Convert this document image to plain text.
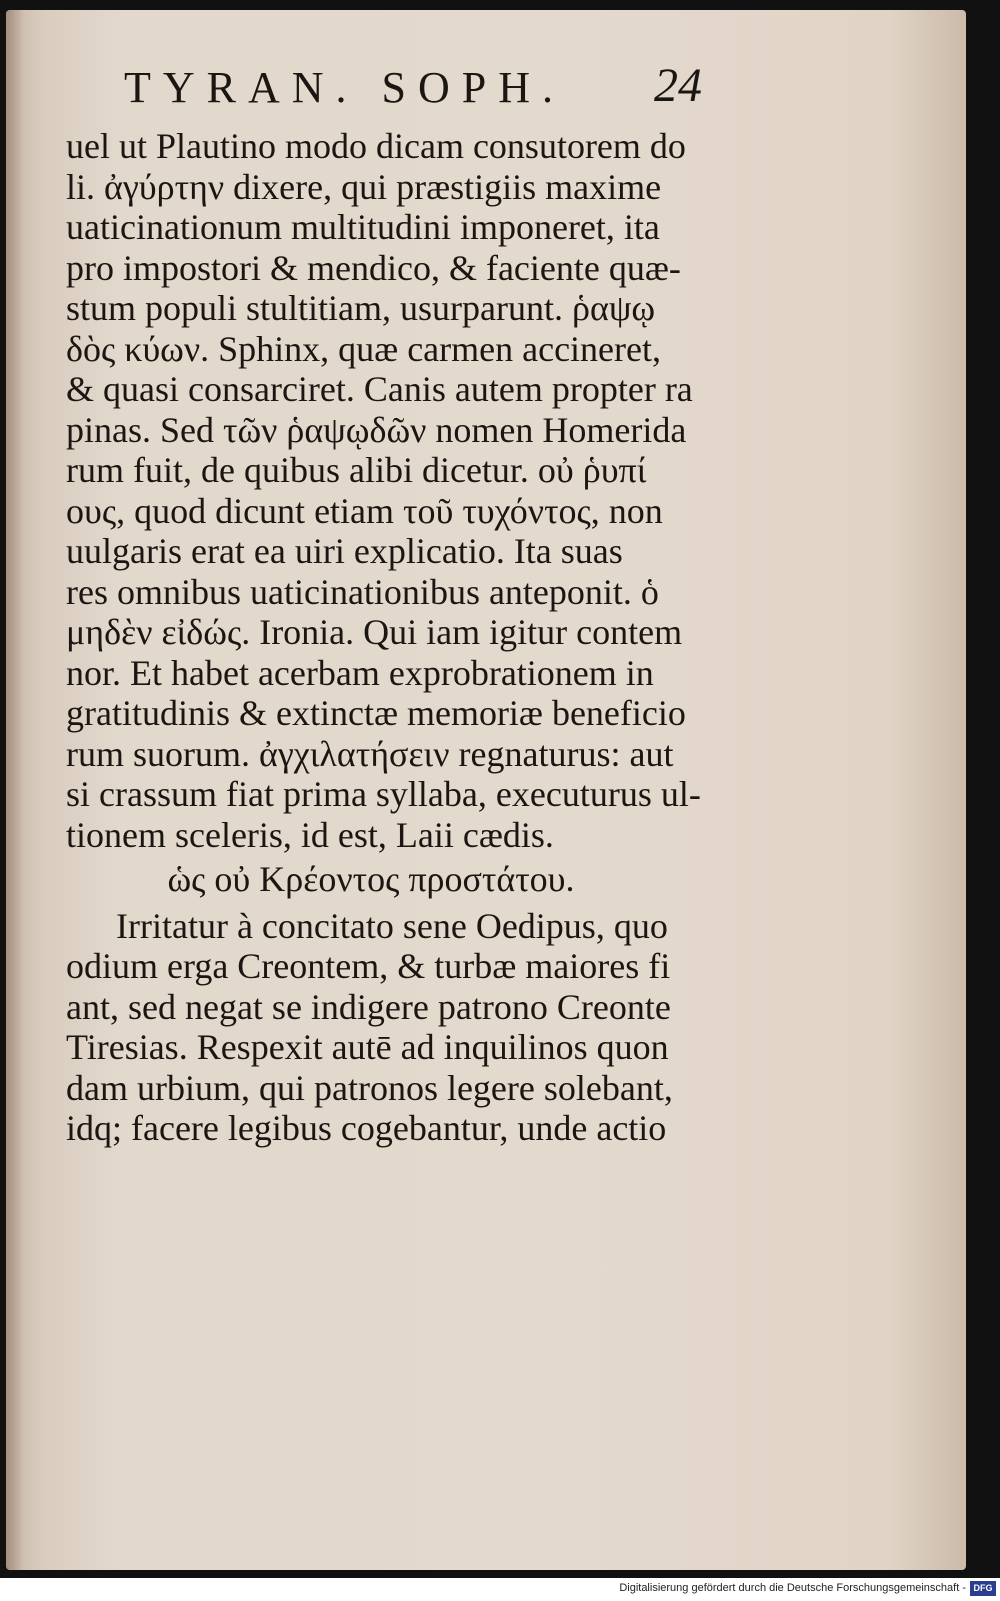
TYRAN. SOPH. 24
uel ut Plautino modo dicam consutorem do
li. ἀγύρτην dixere, qui præstigiis maxime
uaticinationum multitudini imponeret, ita
pro impostori & mendico, & faciente quæ-
stum populi stultitiam, usurparunt. ῥαψῳ
δὸς κύων. Sphinx, quæ carmen accineret,
& quasi consarciret. Canis autem propter ra
pinas. Sed τῶν ῥαψῳδῶν nomen Homerida
rum fuit, de quibus alibi dicetur. οὐ ῥυπί
ους, quod dicunt etiam τοῦ τυχόντος, non
uulgaris erat ea uiri explicatio. Ita suas
res omnibus uaticinationibus anteponit. ὁ
μηδὲν εἰδώς. Ironia. Qui iam igitur contem
nor. Et habet acerbam exprobrationem in
gratitudinis & extinctæ memoriæ beneficio
rum suorum. ἀγχιλατήσειν regnaturus: aut
si crassum fiat prima syllaba, executurus ul-
tionem sceleris, id est, Laii cædis.
ὡς οὐ Κρέοντος προστάτου.
Irritatur à concitato sene Oedipus, quo
odium erga Creontem, & turbæ maiores fi
ant, sed negat se indigere patrono Creonte
Tiresias. Respexit autē ad inquilinos quon
dam urbium, qui patronos legere solebant,
idq; facere legibus cogebantur, unde actio
Digitalisierung gefördert durch die Deutsche Forschungsgemeinschaft - DFG
